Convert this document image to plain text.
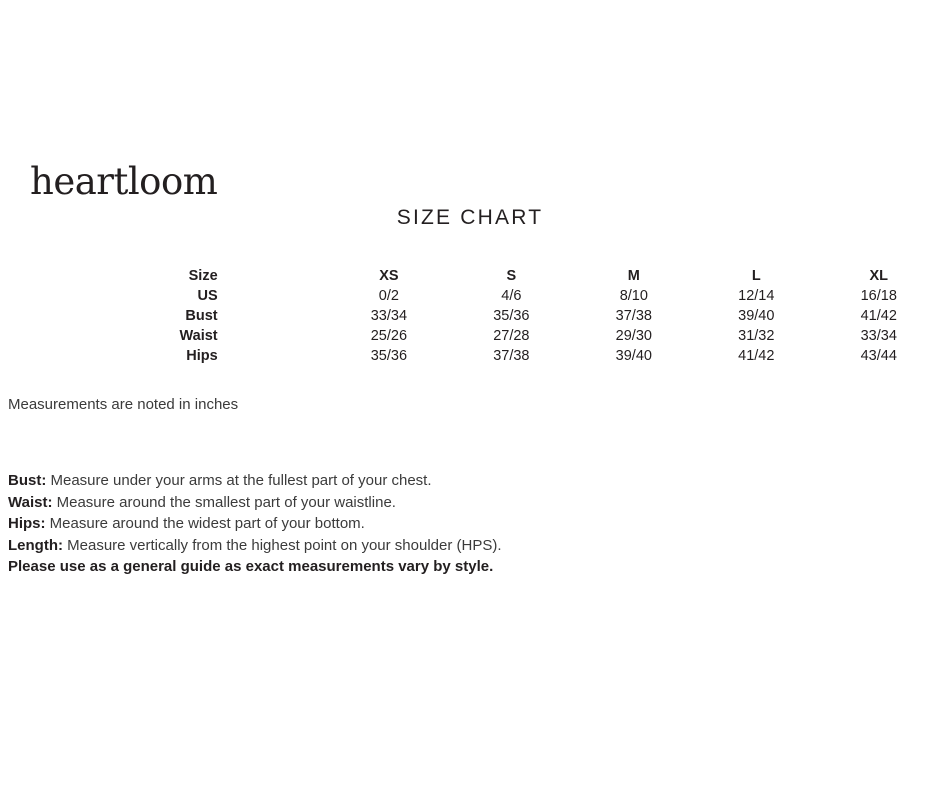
heartloom
SIZE CHART
Size	XS	S	M	L	XL
US	0/2	4/6	8/10	12/14	16/18
Bust	33/34	35/36	37/38	39/40	41/42
Waist	25/26	27/28	29/30	31/32	33/34
Hips	35/36	37/38	39/40	41/42	43/44
Measurements are noted in inches
Bust: Measure under your arms at the fullest part of your chest.
Waist: Measure around the smallest part of your waistline.
Hips: Measure around the widest part of your bottom.
Length: Measure vertically from the highest point on your shoulder (HPS).
Please use as a general guide as exact measurements vary by style.
